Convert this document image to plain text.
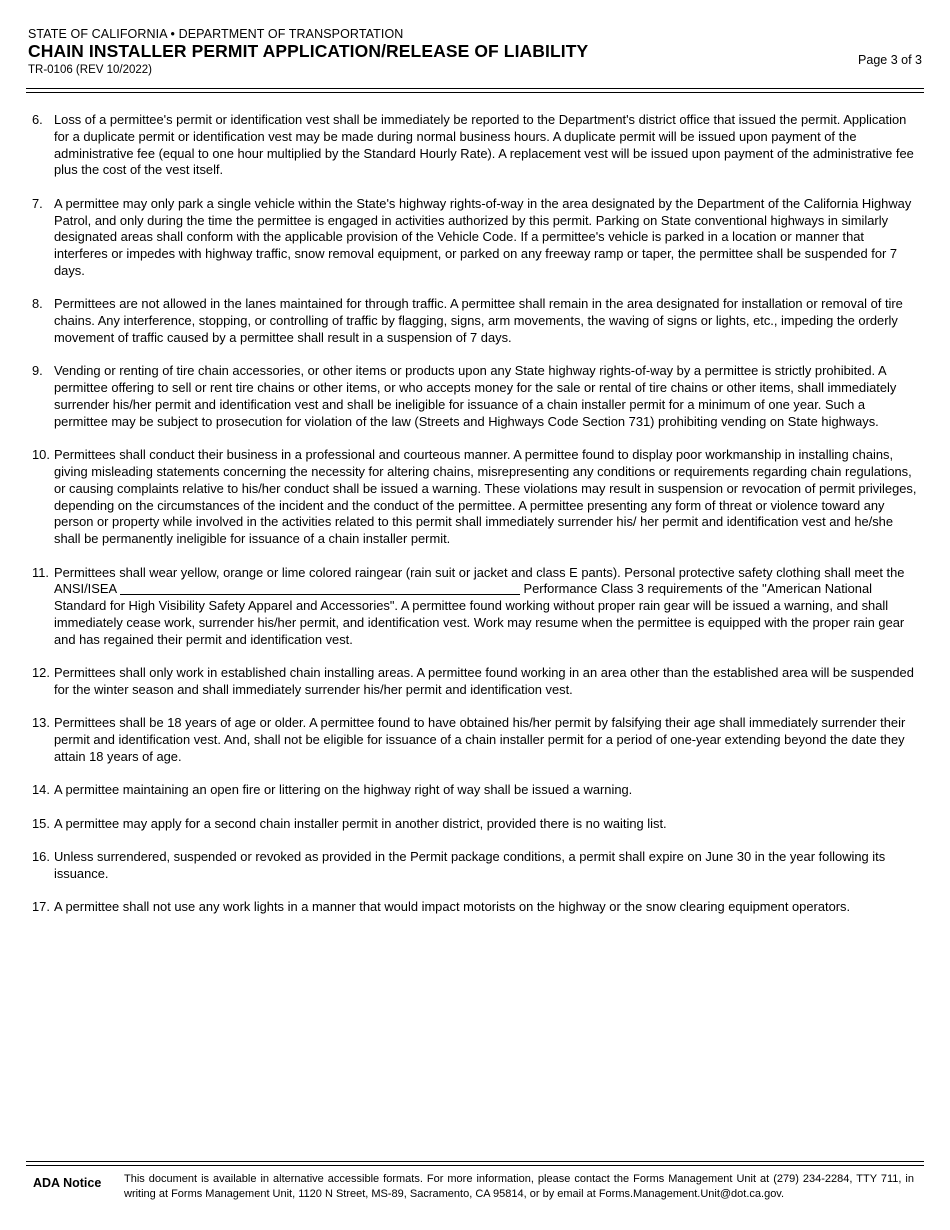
STATE OF CALIFORNIA • DEPARTMENT OF TRANSPORTATION
CHAIN INSTALLER PERMIT APPLICATION/RELEASE OF LIABILITY
TR-0106 (REV 10/2022)
Page 3 of 3
6. Loss of a permittee's permit or identification vest shall be immediately be reported to the Department's district office that issued the permit. Application for a duplicate permit or identification vest may be made during normal business hours. A duplicate permit will be issued upon payment of the administrative fee (equal to one hour multiplied by the Standard Hourly Rate). A replacement vest will be issued upon payment of the administrative fee plus the cost of the vest itself.
7. A permittee may only park a single vehicle within the State's highway rights-of-way in the area designated by the Department of the California Highway Patrol, and only during the time the permittee is engaged in activities authorized by this permit. Parking on State conventional highways in similarly designated areas shall conform with the applicable provision of the Vehicle Code. If a permittee's vehicle is parked in a location or manner that interferes or impedes with highway traffic, snow removal equipment, or parked on any freeway ramp or taper, the permittee shall be suspended for 7 days.
8. Permittees are not allowed in the lanes maintained for through traffic. A permittee shall remain in the area designated for installation or removal of tire chains. Any interference, stopping, or controlling of traffic by flagging, signs, arm movements, the waving of signs or lights, etc., impeding the orderly movement of traffic caused by a permittee shall result in a suspension of 7 days.
9. Vending or renting of tire chain accessories, or other items or products upon any State highway rights-of-way by a permittee is strictly prohibited. A permittee offering to sell or rent tire chains or other items, or who accepts money for the sale or rental of tire chains or other items, shall immediately surrender his/her permit and identification vest and shall be ineligible for issuance of a chain installer permit for a minimum of one year. Such a permittee may be subject to prosecution for violation of the law (Streets and Highways Code Section 731) prohibiting vending on State highways.
10. Permittees shall conduct their business in a professional and courteous manner. A permittee found to display poor workmanship in installing chains, giving misleading statements concerning the necessity for altering chains, misrepresenting any conditions or requirements regarding chain regulations, or causing complaints relative to his/her conduct shall be issued a warning. These violations may result in suspension or revocation of permit privileges, depending on the circumstances of the incident and the conduct of the permittee. A permittee presenting any form of threat or violence toward any person or property while involved in the activities related to this permit shall immediately surrender his/ her permit and identification vest and he/she shall be permanently ineligible for issuance of a chain installer permit.
11. Permittees shall wear yellow, orange or lime colored raingear (rain suit or jacket and class E pants). Personal protective safety clothing shall meet the ANSI/ISEA	Performance Class 3 requirements of the "American National Standard for High Visibility Safety Apparel and Accessories". A permittee found working without proper rain gear will be issued a warning, and shall immediately cease work, surrender his/her permit, and identification vest. Work may resume when the permittee is equipped with the proper rain gear and has regained their permit and identification vest.
12. Permittees shall only work in established chain installing areas. A permittee found working in an area other than the established area will be suspended for the winter season and shall immediately surrender his/her permit and identification vest.
13. Permittees shall be 18 years of age or older. A permittee found to have obtained his/her permit by falsifying their age shall immediately surrender their permit and identification vest. And, shall not be eligible for issuance of a chain installer permit for a period of one-year extending beyond the date they attain 18 years of age.
14. A permittee maintaining an open fire or littering on the highway right of way shall be issued a warning.
15. A permittee may apply for a second chain installer permit in another district, provided there is no waiting list.
16. Unless surrendered, suspended or revoked as provided in the Permit package conditions, a permit shall expire on June 30 in the year following its issuance.
17. A permittee shall not use any work lights in a manner that would impact motorists on the highway or the snow clearing equipment operators.
ADA Notice This document is available in alternative accessible formats. For more information, please contact the Forms Management Unit at (279) 234-2284, TTY 711, in writing at Forms Management Unit, 1120 N Street, MS-89, Sacramento, CA 95814, or by email at Forms.Management.Unit@dot.ca.gov.
